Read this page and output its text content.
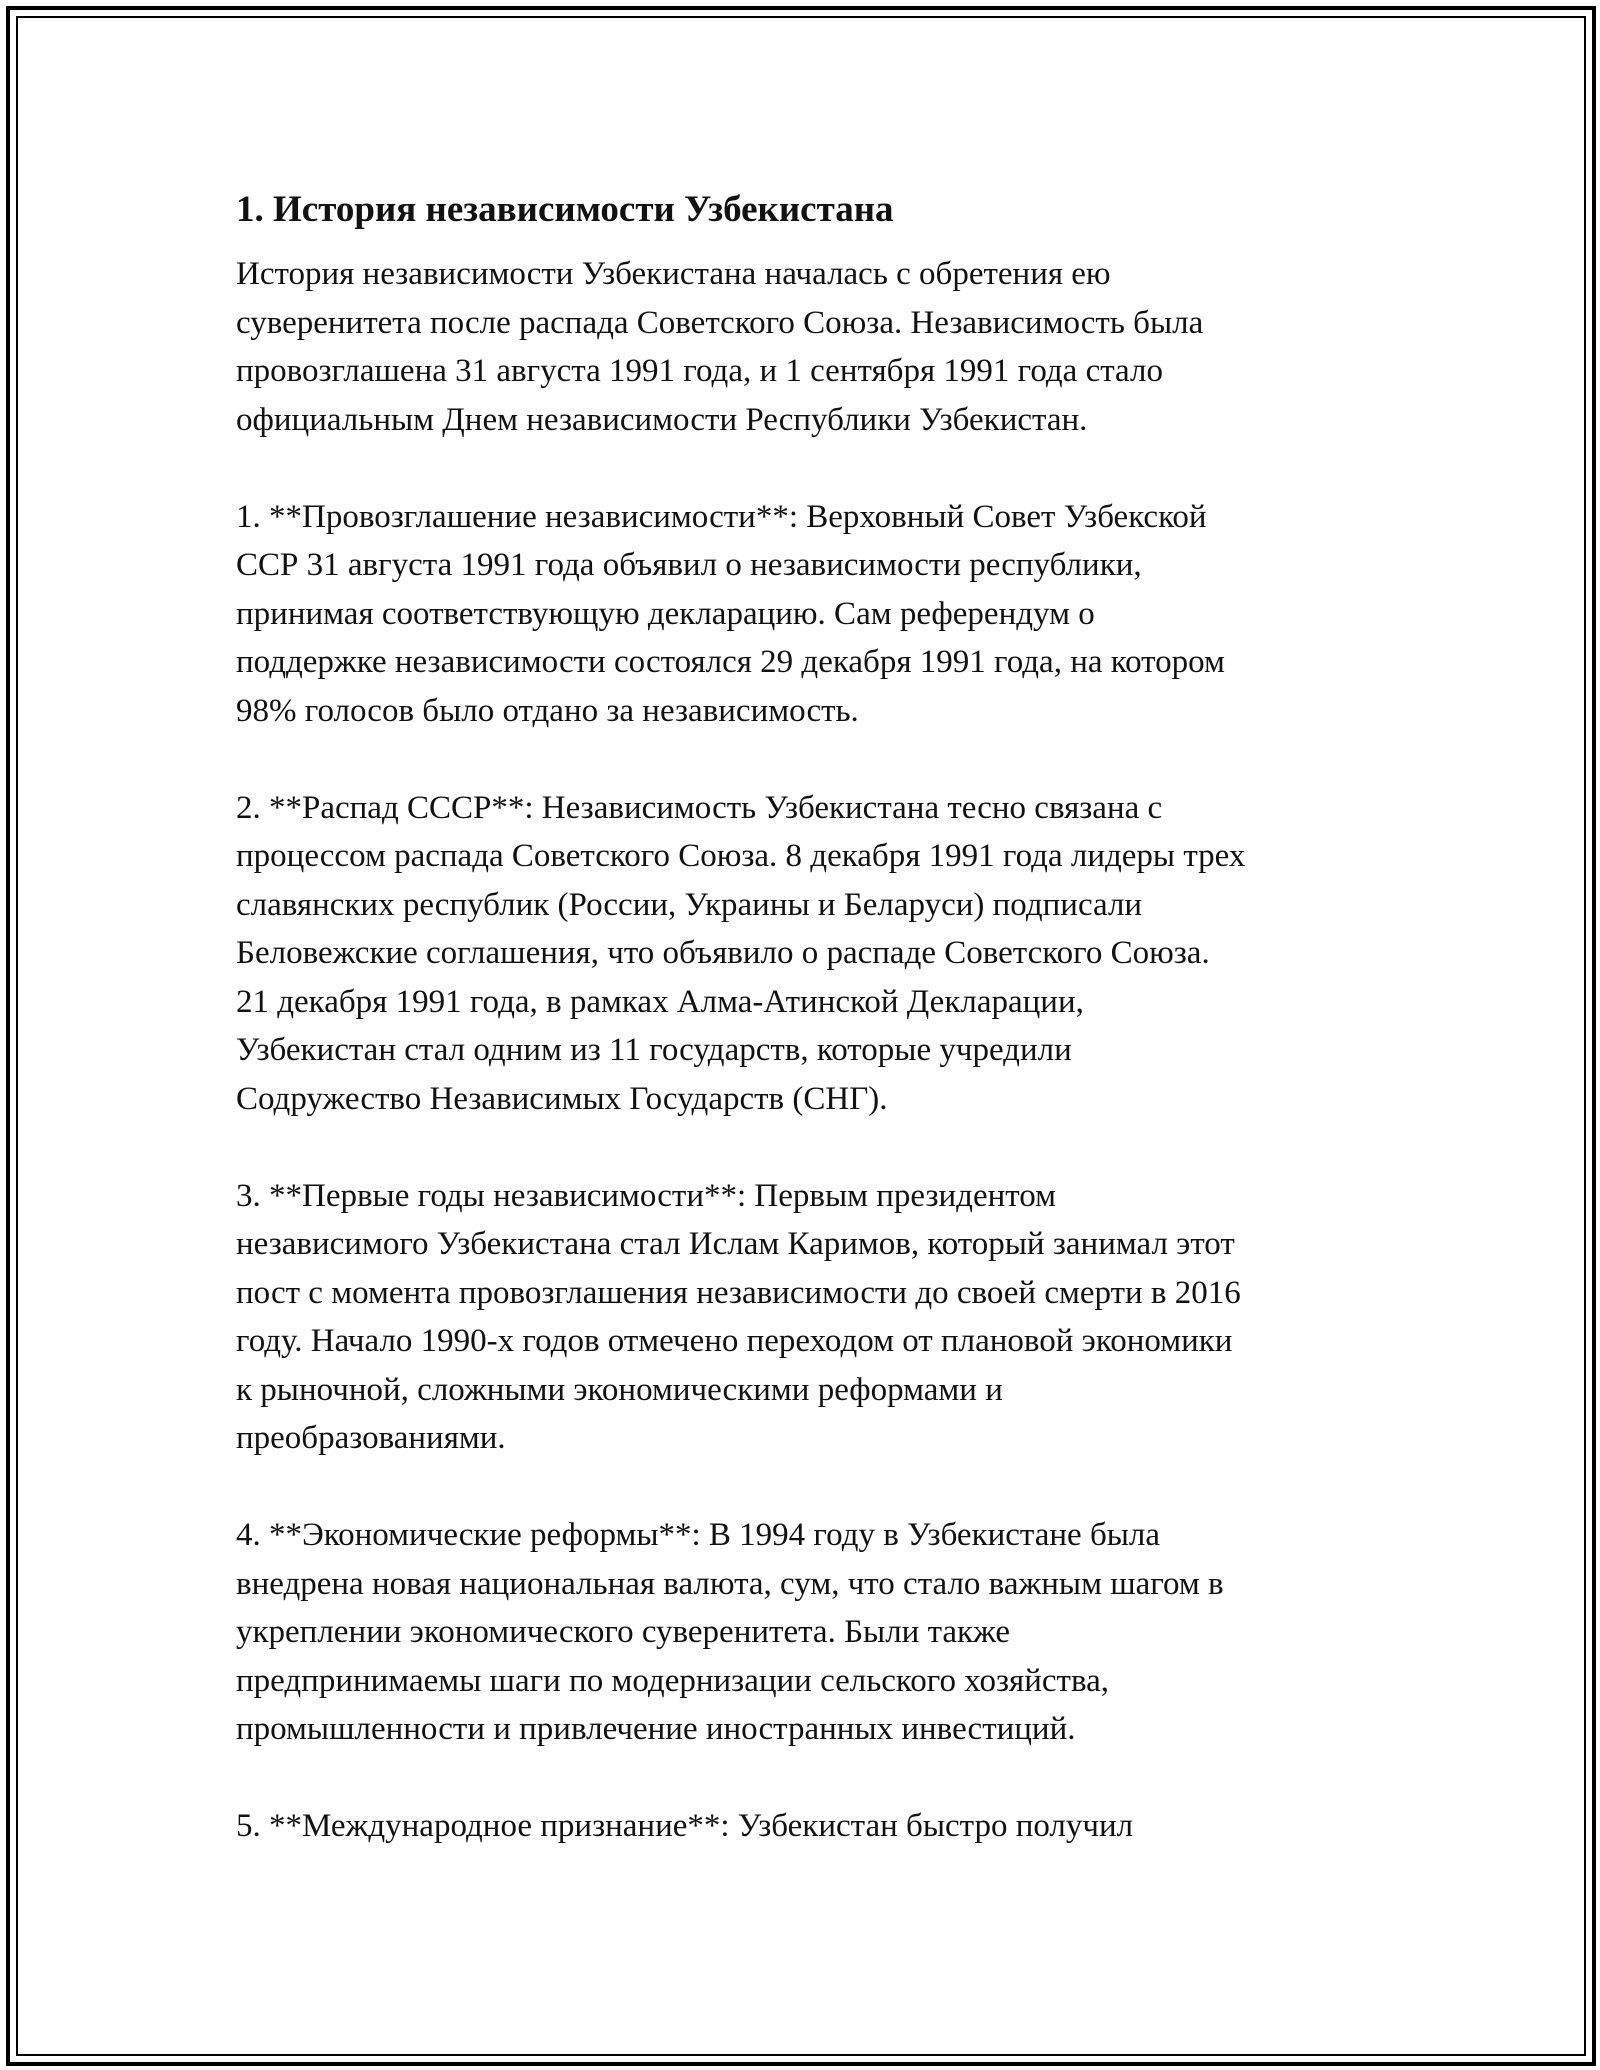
1. История независимости Узбекистана
История независимости Узбекистана началась с обретения ею
суверенитета после распада Советского Союза. Независимость была
провозглашена 31 августа 1991 года, и 1 сентября 1991 года стало
официальным Днем независимости Республики Узбекистан.
1. **Провозглашение независимости**: Верховный Совет Узбекской
ССР 31 августа 1991 года объявил о независимости республики,
принимая соответствующую декларацию. Сам референдум о
поддержке независимости состоялся 29 декабря 1991 года, на котором
98% голосов было отдано за независимость.
2. **Распад СССР**: Независимость Узбекистана тесно связана с
процессом распада Советского Союза. 8 декабря 1991 года лидеры трех
славянских республик (России, Украины и Беларуси) подписали
Беловежские соглашения, что объявило о распаде Советского Союза.
21 декабря 1991 года, в рамках Алма-Атинской Декларации,
Узбекистан стал одним из 11 государств, которые учредили
Содружество Независимых Государств (СНГ).
3. **Первые годы независимости**: Первым президентом
независимого Узбекистана стал Ислам Каримов, который занимал этот
пост с момента провозглашения независимости до своей смерти в 2016
году. Начало 1990-х годов отмечено переходом от плановой экономики
к рыночной, сложными экономическими реформами и
преобразованиями.
4. **Экономические реформы**: В 1994 году в Узбекистане была
внедрена новая национальная валюта, сум, что стало важным шагом в
укреплении экономического суверенитета. Были также
предпринимаемы шаги по модернизации сельского хозяйства,
промышленности и привлечение иностранных инвестиций.
5. **Международное признание**: Узбекистан быстро получил
